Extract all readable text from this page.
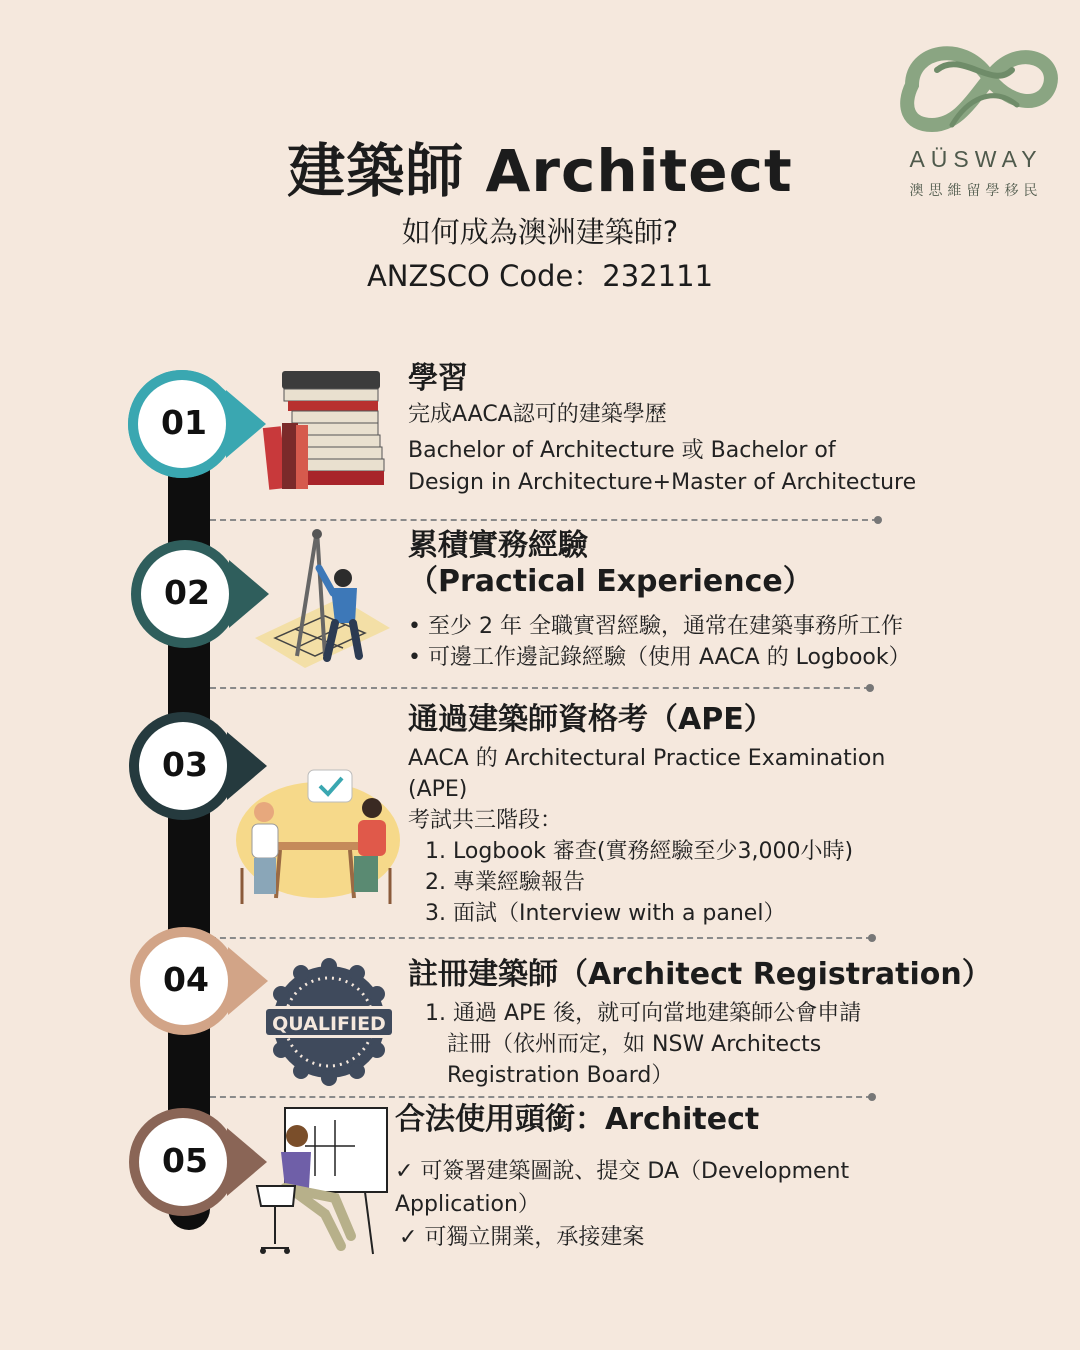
建築師 Architect
如何成為澳洲建築師?
ANZSCO Code：232111
AÜSWAY
澳思維留學移民
01
02
03
04
05
QUALIFIED
學習
完成AACA認可的建築學歷
Bachelor of Architecture 或 Bachelor of
Design in Architecture+Master of Architecture
累積實務經驗
（Practical Experience）
• 至少 2 年 全職實習經驗，通常在建築事務所工作
• 可邊工作邊記錄經驗（使用 AACA 的 Logbook）
通過建築師資格考（APE）
AACA 的 Architectural Practice Examination
(APE)
考試共三階段：
1. Logbook 審查(實務經驗至少3,000小時)
2. 專業經驗報告
3. 面試（Interview with a panel）
註冊建築師（Architect Registration）
1. 通過 APE 後，就可向當地建築師公會申請
註冊（依州而定，如 NSW Architects
Registration Board）
合法使用頭銜：Architect
✓ 可簽署建築圖說、提交 DA（Development
Application）
✓ 可獨立開業，承接建案
